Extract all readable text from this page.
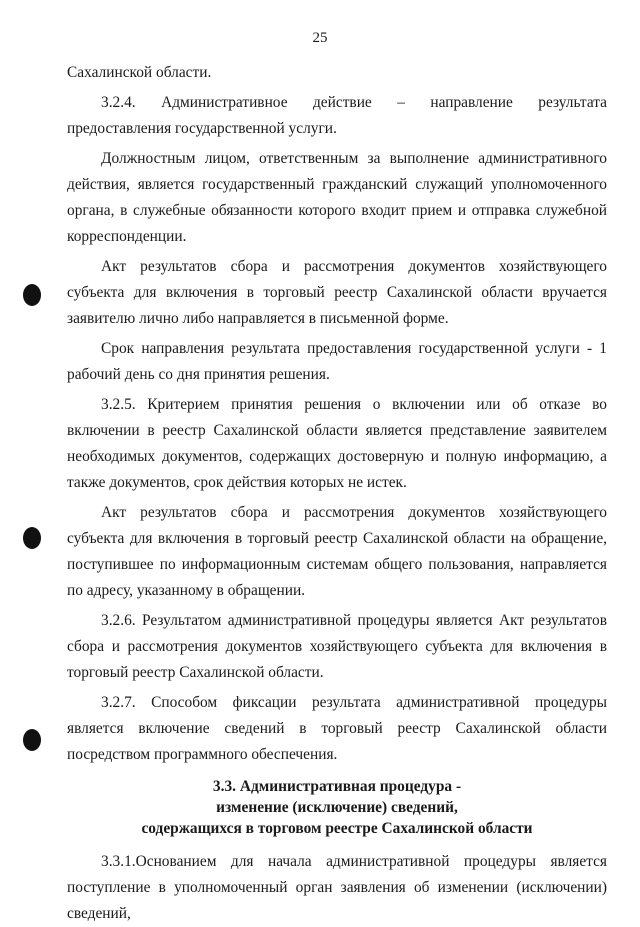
25

Сахалинской области.

3.2.4. Административное действие – направление результата предоставления государственной услуги.

Должностным лицом, ответственным за выполнение административного действия, является государственный гражданский служащий уполномоченного органа, в служебные обязанности которого входит прием и отправка служебной корреспонденции.

Акт результатов сбора и рассмотрения документов хозяйствующего субъекта для включения в торговый реестр Сахалинской области вручается заявителю лично либо направляется в письменной форме.

Срок направления результата предоставления государственной услуги - 1 рабочий день со дня принятия решения.

3.2.5. Критерием принятия решения о включении или об отказе во включении в реестр Сахалинской области является представление заявителем необходимых документов, содержащих достоверную и полную информацию, а также документов, срок действия которых не истек.

Акт результатов сбора и рассмотрения документов хозяйствующего субъекта для включения в торговый реестр Сахалинской области на обращение, поступившее по информационным системам общего пользования, направляется по адресу, указанному в обращении.

3.2.6. Результатом административной процедуры является Акт результатов сбора и рассмотрения документов хозяйствующего субъекта для включения в торговый реестр Сахалинской области.

3.2.7. Способом фиксации результата административной процедуры является включение сведений в торговый реестр Сахалинской области посредством программного обеспечения.

3.3. Административная процедура -
изменение (исключение) сведений,
содержащихся в торговом реестре Сахалинской области

3.3.1.Основанием для начала административной процедуры является поступление в уполномоченный орган заявления об изменении (исключении) сведений,
